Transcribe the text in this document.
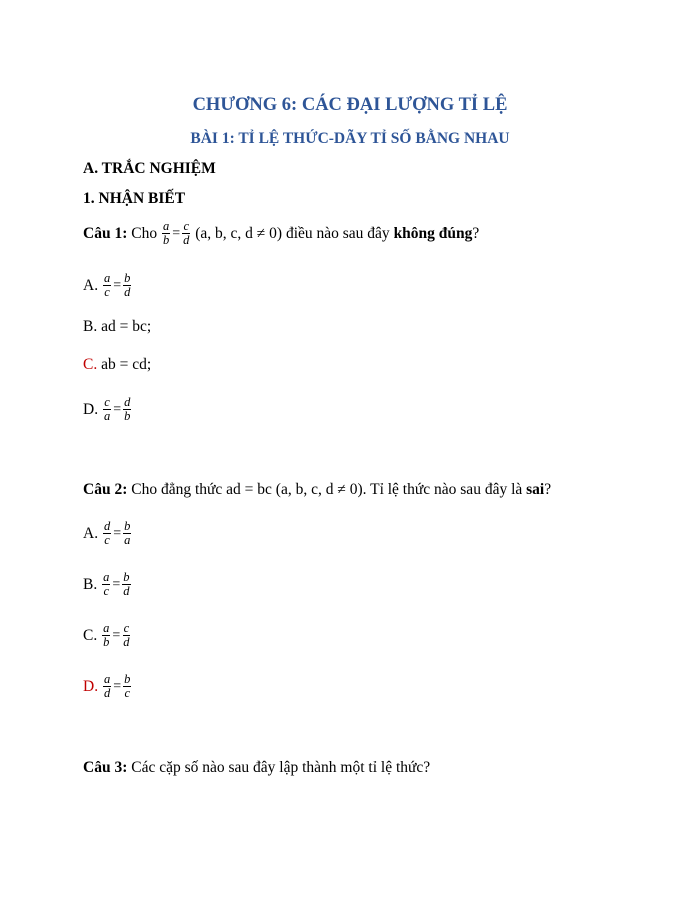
CHƯƠNG 6: CÁC ĐẠI LƯỢNG TỈ LỆ
BÀI 1: TỈ LỆ THỨC-DÃY TỈ SỐ BẰNG NHAU
A. TRẮC NGHIỆM
1. NHẬN BIẾT
Câu 1: Cho $\frac{a}{b} = \frac{c}{d} (a$, b, c, d ≠ 0) điều nào sau đây không đúng ?
A.
$\frac{a}{c} = \frac{b}{d}$
B.
ad = bc;
C.
ab = cd;
D.
$\frac{c}{a} = \frac{d}{b}$
Câu 2: Cho đẳng thức ad = bc (a, b, c, d ≠ 0). Tỉ lệ thức nào sau đây là sai ?
A.
$\frac{d}{c} = \frac{b}{a}$
B.
$\frac{a}{c} = \frac{b}{d}$
C.
$\frac{a}{b} = \frac{c}{d}$
D.
$\frac{a}{d} = \frac{b}{c}$
Câu 3: Các cặp số nào sau đây lập thành một tỉ lệ thức?
